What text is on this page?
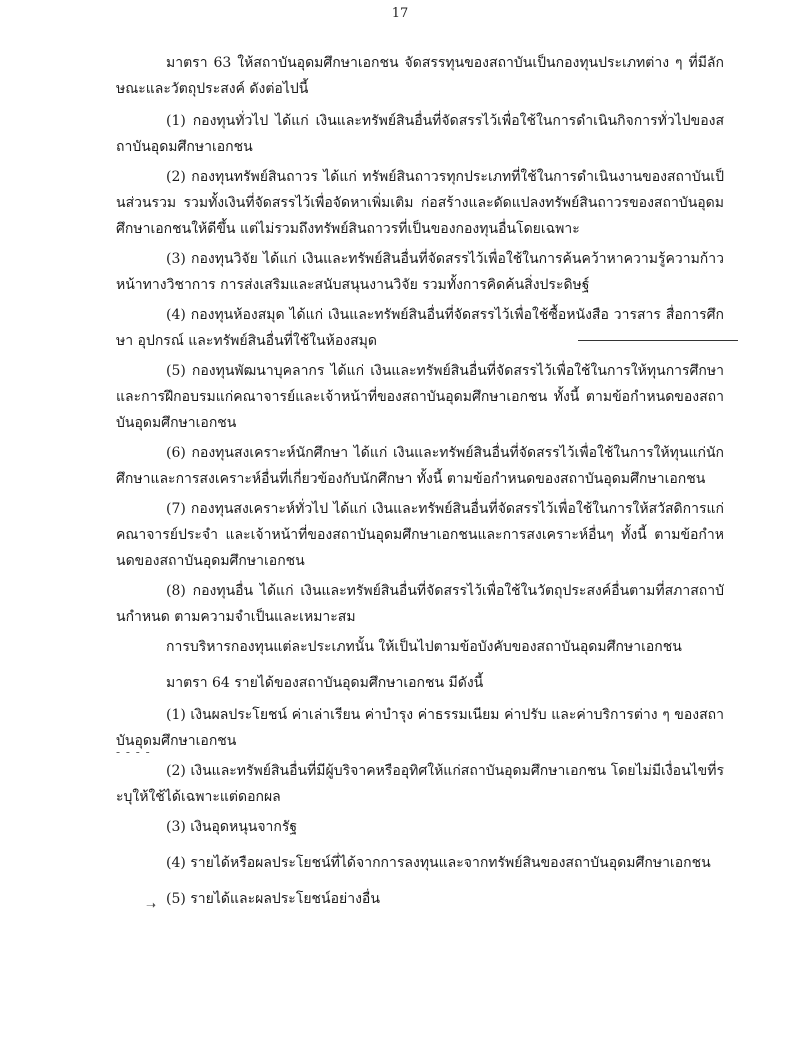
17
- - - -
➝

มาตรา 63 ให้สถาบันอุดมศึกษาเอกชน จัดสรรทุนของสถาบันเป็นกองทุนประเภทต่าง ๆ ที่มีลักษณะและวัตถุประสงค์ ดังต่อไปนี้

(1) กองทุนทั่วไป ได้แก่ เงินและทรัพย์สินอื่นที่จัดสรรไว้เพื่อใช้ในการดำเนินกิจการทั่วไปของสถาบันอุดมศึกษาเอกชน

(2) กองทุนทรัพย์สินถาวร ได้แก่ ทรัพย์สินถาวรทุกประเภทที่ใช้ในการดำเนินงานของสถาบันเป็นส่วนรวม รวมทั้งเงินที่จัดสรรไว้เพื่อจัดหาเพิ่มเติม ก่อสร้างและดัดแปลงทรัพย์สินถาวรของสถาบันอุดมศึกษาเอกชนให้ดีขึ้น แต่ไม่รวมถึงทรัพย์สินถาวรที่เป็นของกองทุนอื่นโดยเฉพาะ

(3) กองทุนวิจัย ได้แก่ เงินและทรัพย์สินอื่นที่จัดสรรไว้เพื่อใช้ในการค้นคว้าหาความรู้ความก้าวหน้าทางวิชาการ การส่งเสริมและสนับสนุนงานวิจัย รวมทั้งการคิดค้นสิ่งประดิษฐ์

(4) กองทุนห้องสมุด ได้แก่ เงินและทรัพย์สินอื่นที่จัดสรรไว้เพื่อใช้ซื้อหนังสือ วารสาร สื่อการศึกษา อุปกรณ์ และทรัพย์สินอื่นที่ใช้ในห้องสมุด

(5) กองทุนพัฒนาบุคลากร ได้แก่ เงินและทรัพย์สินอื่นที่จัดสรรไว้เพื่อใช้ในการให้ทุนการศึกษาและการฝึกอบรมแก่คณาจารย์และเจ้าหน้าที่ของสถาบันอุดมศึกษาเอกชน ทั้งนี้ ตามข้อกำหนดของสถาบันอุดมศึกษาเอกชน

(6) กองทุนสงเคราะห์นักศึกษา ได้แก่ เงินและทรัพย์สินอื่นที่จัดสรรไว้เพื่อใช้ในการให้ทุนแก่นักศึกษาและการสงเคราะห์อื่นที่เกี่ยวข้องกับนักศึกษา ทั้งนี้ ตามข้อกำหนดของสถาบันอุดมศึกษาเอกชน

(7) กองทุนสงเคราะห์ทั่วไป ได้แก่ เงินและทรัพย์สินอื่นที่จัดสรรไว้เพื่อใช้ในการให้สวัสดิการแก่คณาจารย์ประจำ และเจ้าหน้าที่ของสถาบันอุดมศึกษาเอกชนและการสงเคราะห์อื่นๆ ทั้งนี้ ตามข้อกำหนดของสถาบันอุดมศึกษาเอกชน

(8) กองทุนอื่น ได้แก่ เงินและทรัพย์สินอื่นที่จัดสรรไว้เพื่อใช้ในวัตถุประสงค์อื่นตามที่สภาสถาบันกำหนด ตามความจำเป็นและเหมาะสม

การบริหารกองทุนแต่ละประเภทนั้น ให้เป็นไปตามข้อบังคับของสถาบันอุดมศึกษาเอกชน

มาตรา 64 รายได้ของสถาบันอุดมศึกษาเอกชน มีดังนี้

(1) เงินผลประโยชน์ ค่าเล่าเรียน ค่าบำรุง ค่าธรรมเนียม ค่าปรับ และค่าบริการต่าง ๆ ของสถาบันอุดมศึกษาเอกชน

(2) เงินและทรัพย์สินอื่นที่มีผู้บริจาคหรืออุทิศให้แก่สถาบันอุดมศึกษาเอกชน โดยไม่มีเงื่อนไขที่ระบุให้ใช้ได้เฉพาะแต่ดอกผล

(3) เงินอุดหนุนจากรัฐ

(4) รายได้หรือผลประโยชน์ที่ได้จากการลงทุนและจากทรัพย์สินของสถาบันอุดมศึกษาเอกชน

(5) รายได้และผลประโยชน์อย่างอื่น
